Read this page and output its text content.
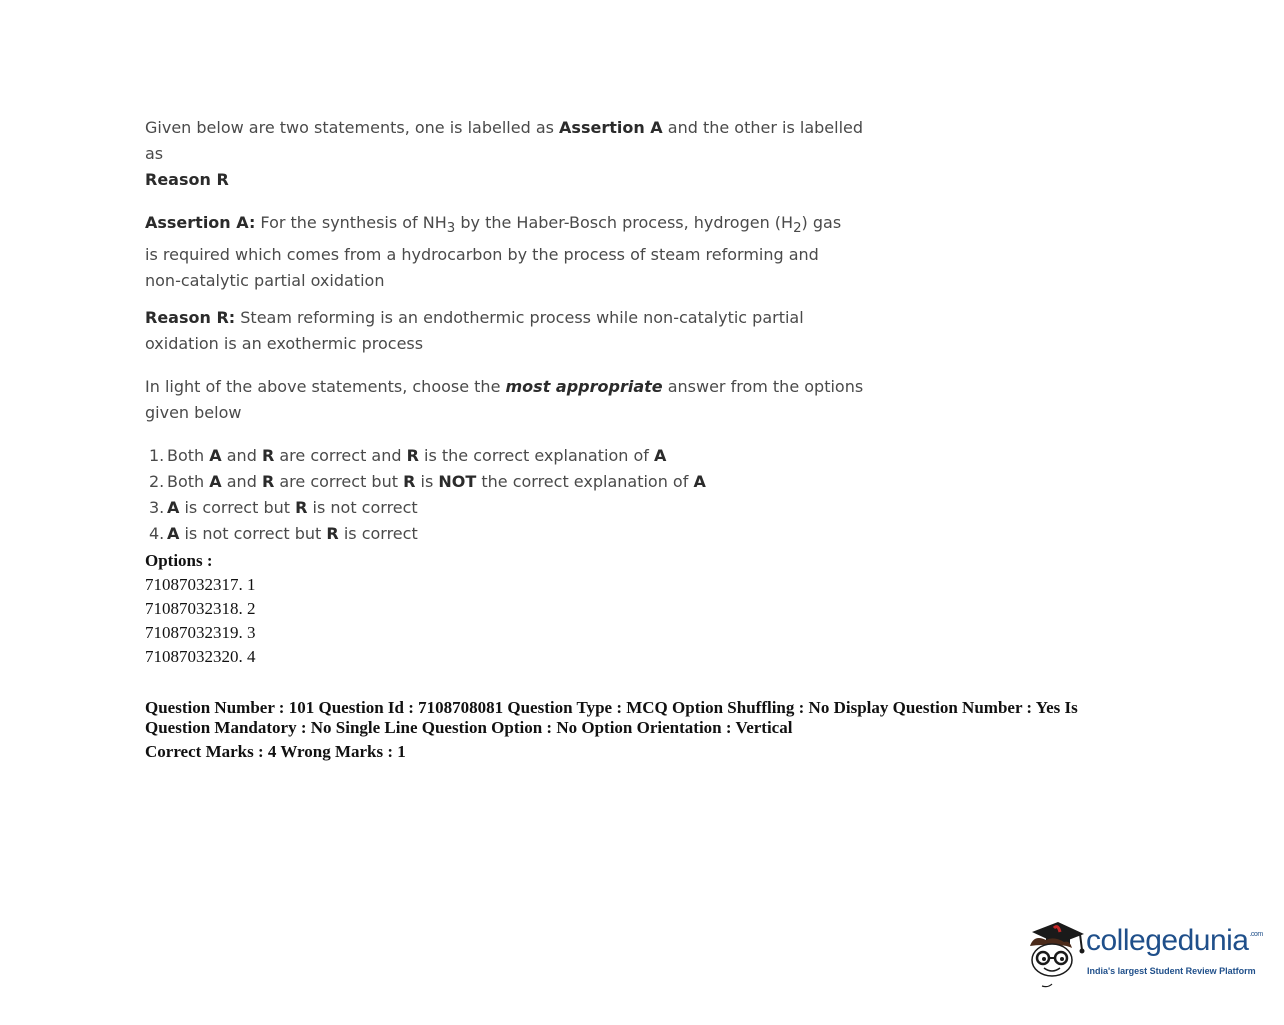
Given below are two statements, one is labelled as Assertion A and the other is labelled as
Reason R
Assertion A: For the synthesis of $NH_3$ by the Haber-Bosch process, hydrogen $(H_2)$ gas is required which comes from a hydrocarbon by the process of steam reforming and non-catalytic partial oxidation
Reason R: Steam reforming is an endothermic process while non-catalytic partial oxidation is an exothermic process
In light of the above statements, choose the most appropriate answer from the options given below
1. Both A and R are correct and R is the correct explanation of A
2. Both A and R are correct but R is NOT the correct explanation of A
3. A is correct but R is not correct
4. A is not correct but R is correct
Options :
71087032317. 1
71087032318. 2
71087032319. 3
71087032320. 4
Question Number : 101 Question Id : 7108708081 Question Type : MCQ Option Shuffling : No Display Question Number : Yes Is Question Mandatory : No Single Line Question Option : No Option Orientation : Vertical
Correct Marks : 4 Wrong Marks : 1
collegedunia$^{.com}$
India's largest Student Review Platform
